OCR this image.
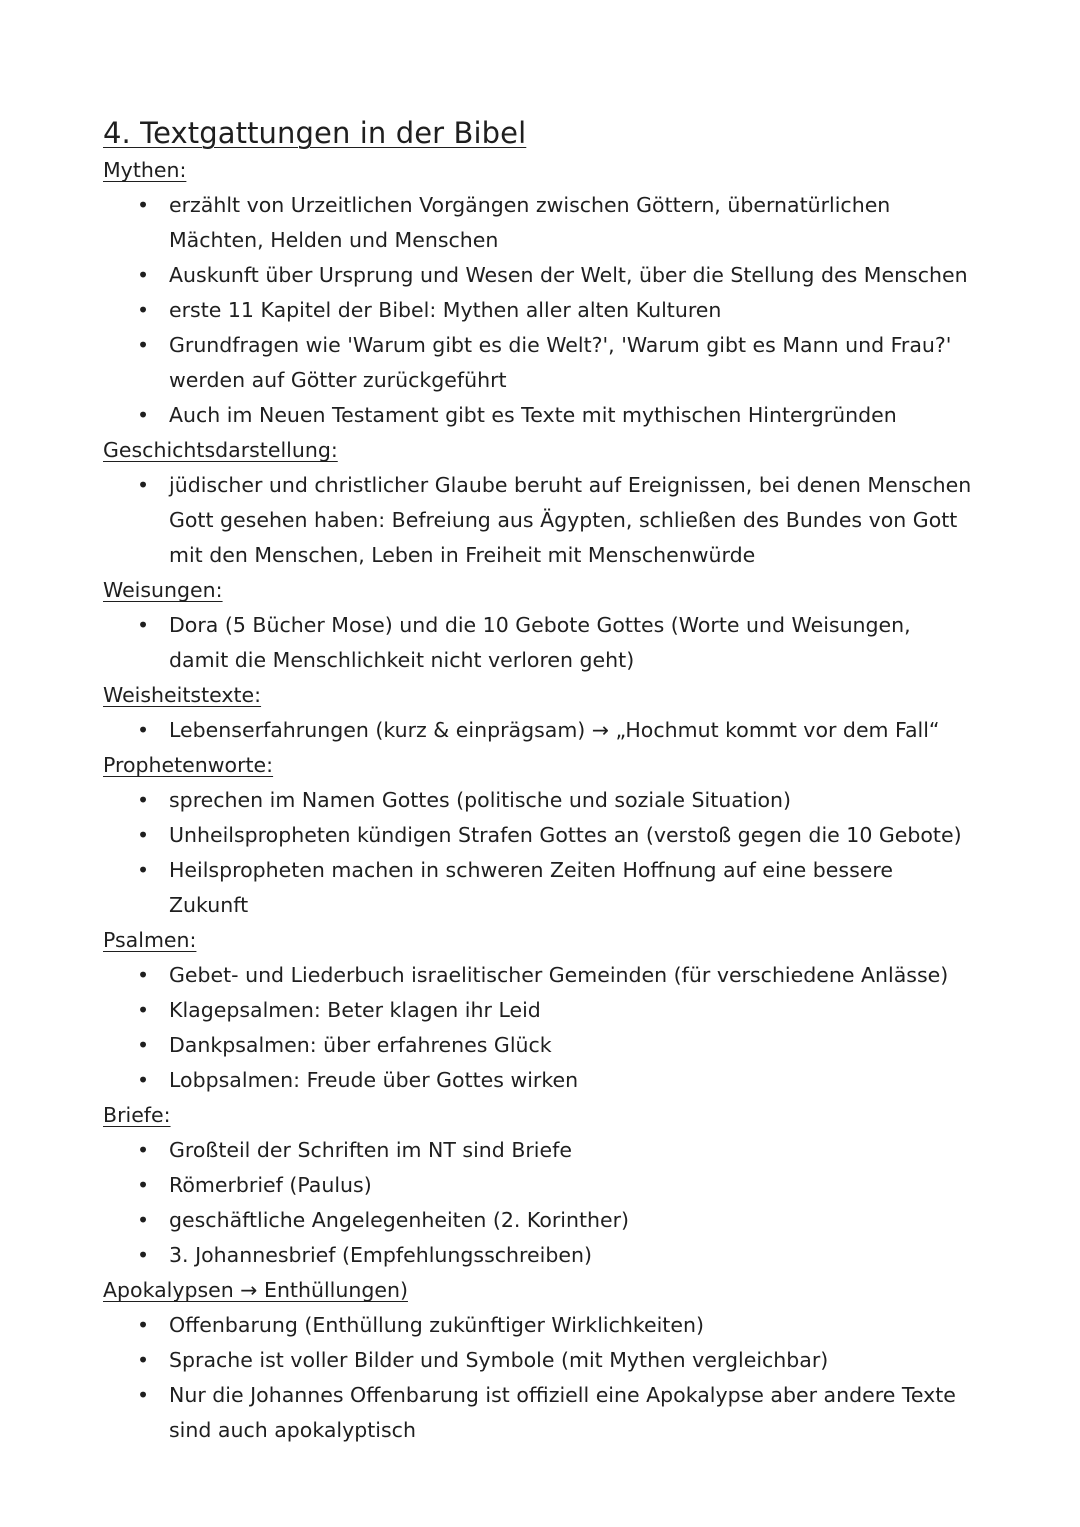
4. Textgattungen in der Bibel
Mythen:
• erzählt von Urzeitlichen Vorgängen zwischen Göttern, übernatürlichen Mächten, Helden und Menschen
• Auskunft über Ursprung und Wesen der Welt, über die Stellung des Menschen
• erste 11 Kapitel der Bibel: Mythen aller alten Kulturen
• Grundfragen wie 'Warum gibt es die Welt?', 'Warum gibt es Mann und Frau?' werden auf Götter zurückgeführt
• Auch im Neuen Testament gibt es Texte mit mythischen Hintergründen
Geschichtsdarstellung:
• jüdischer und christlicher Glaube beruht auf Ereignissen, bei denen Menschen Gott gesehen haben: Befreiung aus Ägypten, schließen des Bundes von Gott mit den Menschen, Leben in Freiheit mit Menschenwürde
Weisungen:
• Dora (5 Bücher Mose) und die 10 Gebote Gottes (Worte und Weisungen, damit die Menschlichkeit nicht verloren geht)
Weisheitstexte:
• Lebenserfahrungen (kurz & einprägsam) → „Hochmut kommt vor dem Fall“
Prophetenworte:
• sprechen im Namen Gottes (politische und soziale Situation)
• Unheilspropheten kündigen Strafen Gottes an (verstoß gegen die 10 Gebote)
• Heilspropheten machen in schweren Zeiten Hoffnung auf eine bessere Zukunft
Psalmen:
• Gebet- und Liederbuch israelitischer Gemeinden (für verschiedene Anlässe)
• Klagepsalmen: Beter klagen ihr Leid
• Dankpsalmen: über erfahrenes Glück
• Lobpsalmen: Freude über Gottes wirken
Briefe:
• Großteil der Schriften im NT sind Briefe
• Römerbrief (Paulus)
• geschäftliche Angelegenheiten (2. Korinther)
• 3. Johannesbrief (Empfehlungsschreiben)
Apokalypsen → Enthüllungen)
• Offenbarung (Enthüllung zukünftiger Wirklichkeiten)
• Sprache ist voller Bilder und Symbole (mit Mythen vergleichbar)
• Nur die Johannes Offenbarung ist offiziell eine Apokalypse aber andere Texte sind auch apokalyptisch
